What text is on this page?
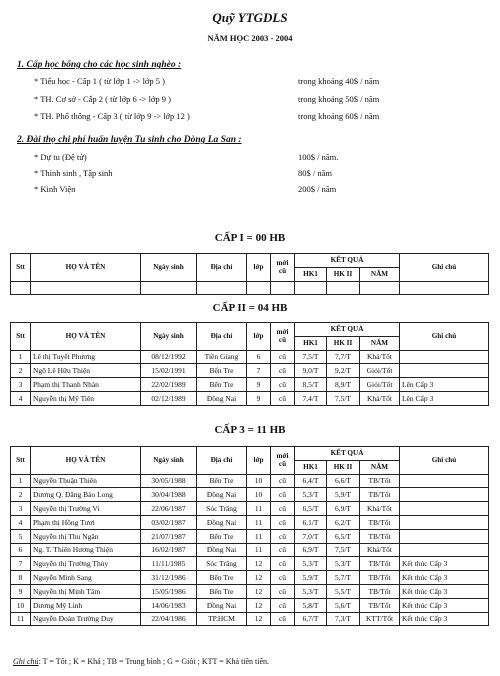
Quỹ YTGDLS
NĂM HỌC 2003 - 2004
1. Cấp học bổng cho các học sinh nghèo :
* Tiểu học - Cấp 1 ( từ lớp 1 -> lớp 5 )	trong khoảng 40$ / năm
* TH. Cơ sở - Cấp 2 ( từ lớp 6 -> lớp 9 )	trong khoảng 50$ / năm
* TH. Phổ thông - Cấp 3 ( từ lớp 9 -> lớp 12 )	trong khoảng 60$ / năm
2. Đài thọ chi phí huấn luyện Tu sinh cho Dòng La San :
* Dự tu (Đệ tử)	100$ / năm.
* Thỉnh sinh , Tập sinh	80$ / năm
* Kinh Viện	200$ / năm
CẤP I = 00 HB
Stt	HỌ VÀ TÊN	Ngày sinh	Địa chỉ	lớp	mới
cũ	KẾT QUẢ			Ghi chú
						HK1	HK II	NĂM	

CẤP II = 04 HB
Stt	HỌ VÀ TÊN	Ngày sinh	Địa chỉ	lớp	mới
cũ	KẾT QUẢ			Ghi chú
						HK1	HK II	NĂM	
1	Lê thị Tuyết Phương	08/12/1992	Tiền Giang	6	cũ	7,5/T	7,7/T	Khá/Tốt	
2	Ngô Lê Hữu Thiện	15/02/1991	Bến Tre	7	cũ	9,0/T	9,2/T	Giỏi/Tốt	
3	Phạm thị Thanh Nhàn	22/02/1989	Bến Tre	9	cũ	8,5/T	8,9/T	Giỏi/Tốt	Lên Cấp 3
4	Nguyễn thị Mỹ Tiên	02/12/1989	Đồng Nai	9	cũ	7,4/T	7,5/T	Khá/Tốt	Lên Cấp 3
CẤP 3 = 11 HB
Stt	HỌ VÀ TÊN	Ngày sinh	Địa chỉ	lớp	mới
cũ	KẾT QUẢ			Ghi chú
						HK1	HK II	NĂM	
1	Nguyễn Thuận Thiên	30/05/1988	Bến Tre	10	cũ	6,4/T	6,6/T	TB/Tốt	
2	Dương Q. Đăng Bảo Long	30/04/1988	Đồng Nai	10	cũ	5,3/T	5,9/T	TB/Tốt	
3	Nguyễn thị Trường Vi	22/06/1987	Sóc Trăng	11	cũ	6,5/T	6,9/T	Khá/Tốt	
4	Phạm thị Hồng Tươi	03/02/1987	Đồng Nai	11	cũ	6,1/T	6,2/T	TB/Tốt	
5	Nguyễn thị Thu Ngân	21/07/1987	Bến Tre	11	cũ	7,0/T	6,5/T	TB/Tốt	
6	Ng. T. Thiên Hương Thiện	16/02/1987	Đồng Nai	11	cũ	6,9/T	7,5/T	Khá/Tốt	
7	Nguyễn thị Trường Thủy	11/11/1985	Sóc Trăng	12	cũ	5,3/T	5,3/T	TB/Tốt	Kết thúc Cấp 3
8	Nguyễn Minh Sang	31/12/1986	Bến Tre	12	cũ	5,9/T	5,7/T	TB/Tốt	Kết thúc Cấp 3
9	Nguyễn thị Minh Tâm	15/05/1986	Bến Tre	12	cũ	5,3/T	5,5/T	TB/Tốt	Kết thúc Cấp 3
10	Dương Mỹ Linh	14/06/1983	Đồng Nai	12	cũ	5,8/T	5,6/T	TB/Tốt	Kết thúc Cấp 3
11	Nguyễn Đoàn Trường Duy	22/04/1986	TP.HCM	12	cũ	6,7/T	7,3/T	KTT/Tốt	Kết thúc Cấp 3
Ghi chú: T = Tốt ; K = Khá ; TB = Trung bình ; G = Giỏi ; KTT = Khá tiên tiến.
